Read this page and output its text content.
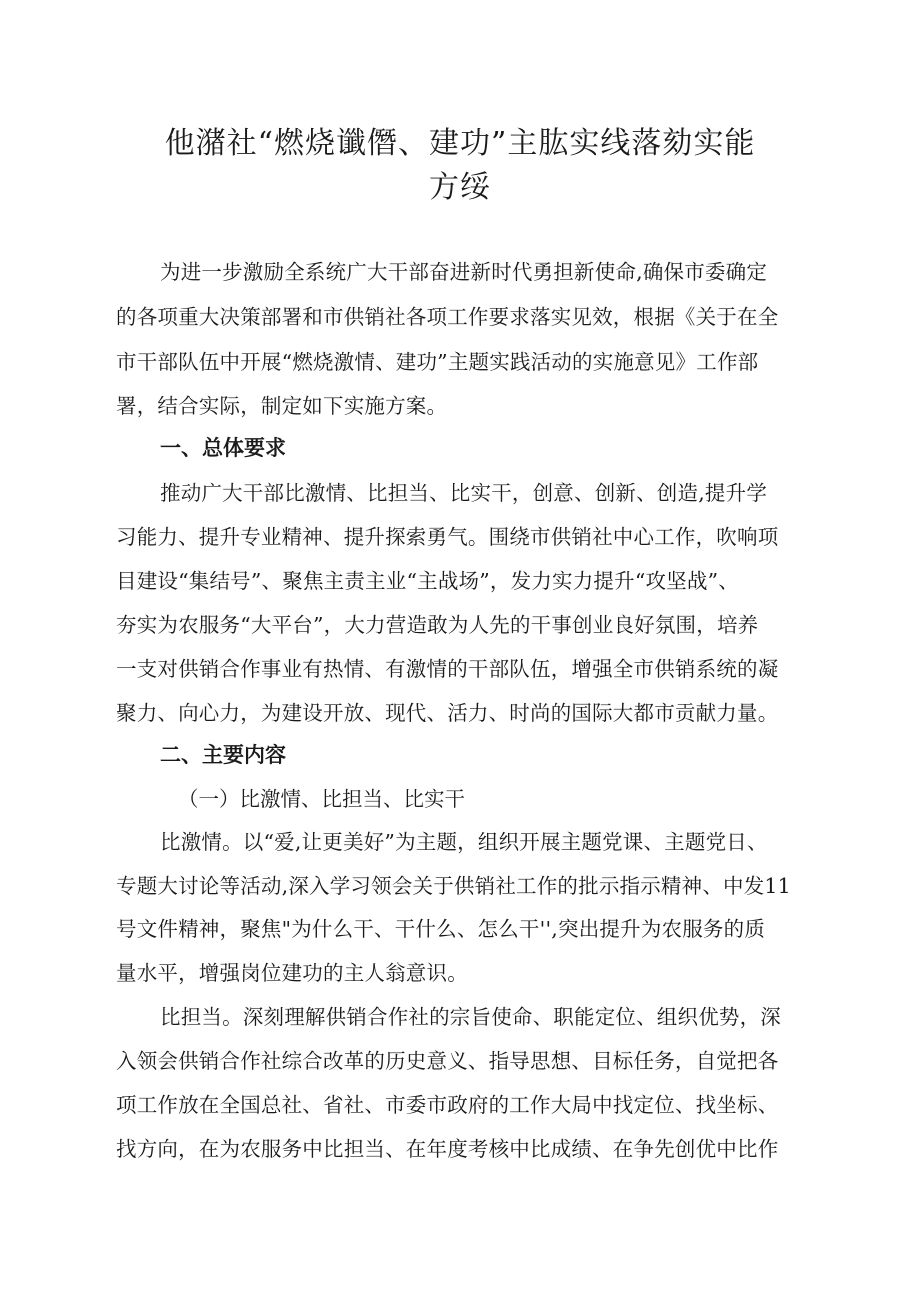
他潴社“燃烧谶僭、建功”主肱实线落劾实能
方绥
为进一步激励全系统广大干部奋进新时代勇担新使命,确保市委确定
的各项重大决策部署和市供销社各项工作要求落实见效，根据《关于在全
市干部队伍中开展“燃烧激情、建功”主题实践活动的实施意见》工作部
署，结合实际，制定如下实施方案。
一、总体要求
推动广大干部比激情、比担当、比实干，创意、创新、创造,提升学
习能力、提升专业精神、提升探索勇气。围绕市供销社中心工作，吹响项
目建设“集结号”、聚焦主责主业“主战场”，发力实力提升“攻坚战”、
夯实为农服务“大平台”，大力营造敢为人先的干事创业良好氛围，培养
一支对供销合作事业有热情、有激情的干部队伍，增强全市供销系统的凝
聚力、向心力，为建设开放、现代、活力、时尚的国际大都市贡献力量。
二、主要内容
（一）比激情、比担当、比实干
比激情。以“爱,让更美好”为主题，组织开展主题党课、主题党日、
专题大讨论等活动,深入学习领会关于供销社工作的批示指示精神、中发11
号文件精神，聚焦"为什么干、干什么、怎么干'',突出提升为农服务的质
量水平，增强岗位建功的主人翁意识。
比担当。深刻理解供销合作社的宗旨使命、职能定位、组织优势，深
入领会供销合作社综合改革的历史意义、指导思想、目标任务，自觉把各
项工作放在全国总社、省社、市委市政府的工作大局中找定位、找坐标、
找方向，在为农服务中比担当、在年度考核中比成绩、在争先创优中比作
